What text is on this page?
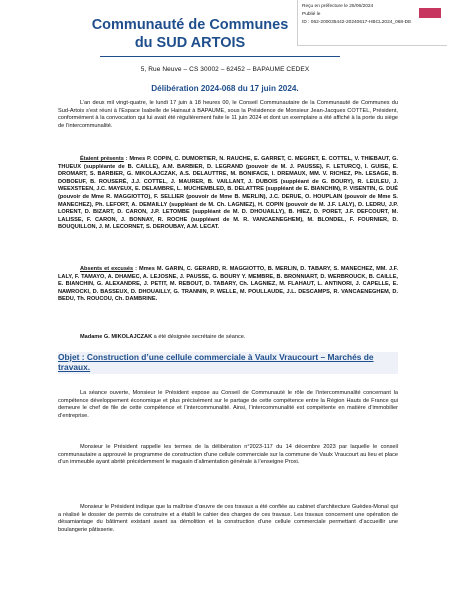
Reçu en préfecture le 25/06/2024
Publié le
ID : 062-200035442-20240617-HBCL2024_068-DE
Communauté de Communes
du SUD ARTOIS
5, Rue Neuve – CS 30002 – 62452 – BAPAUME CEDEX
Délibération 2024-068 du 17 juin 2024.
L’an deux mil vingt-quatre, le lundi 17 juin à 18 heures 00, le Conseil Communautaire de la Communauté de Communes du Sud-Artois s’est réuni à l’Espace Isabelle de Hainaut à BAPAUME, sous la Présidence de Monsieur Jean-Jacques COTTEL, Président, conformément à la convocation qui lui avait été régulièrement faite le 11 juin 2024 et dont un exemplaire a été affiché à la porte du siège de l’intercommunalité.
Étaient présents : Mmes P. COPIN, C. DUMORTIER, N. RAUCHE, E. GARRET, C. MEGRET, E. COTTEL, V. THIEBAUT, G. THUEUX (suppléante de B. CAILLE), A.M. BARBIER, D. LEGRAND (pouvoir de M. J. PAUSSE), F. LETURCQ, I. GUISE, E. DROMART, S. BARBIER, G. MIKOLAJCZAK, A.S. DELAUTTRE, M. BONIFACE, I. DREMAUX, MM. V. RICHEZ, Ph. LESAGE, B. DOBOEUF, B. ROUSERÉ, J.J. COTTEL, J. MAURER, B. VAILLANT, J. DUBOIS (suppléant de G. BOURY), R. LEULEU, J. WEEXSTEEN, J.C. MAYEUX, E. DELAMBRE, L. MUCHEMBLED, B. DELATTRE (suppléant de E. BIANCHIN), P. VISENTIN, G. DUÉ (pouvoir de Mme R. MAGGIOTTO), F. SELLIER (pouvoir de Mme B. MERLIN), J.C. DERUE, O. HOUPLAIN (pouvoir de Mme S. MANECHEZ), Ph. LEFORT, A. DEMAILLY (suppléant de M. Ch. LAGNIEZ), H. COPIN (pouvoir de M. J.F. LALY), D. LEDRU, J.P. LORENT, D. BIZART, D. CARON, J.P. LETOMBE (suppléant de M. D. DHOUAILLY), B. HIEZ, D. PORET, J.F. DEFCOURT, M. LALISSE, F. CARON, J. BONNAY, R. ROCHE (suppléant de M. R. VANCAENEGHEM), M. BLONDEL, F. FOURNIER, D. BOUQUILLON, J. M. LECORNET, S. DEROUBAY, A.M. LECAT.
Absents et excusés : Mmes M. GARIN, C. GERARD, R. MAGGIOTTO, B. MERLIN, D. TABARY, S. MANECHEZ, MM. J.F. LALY, F. TAMAYO, A. DHAMEC, A. LEJOSNE, J. PAUSSE, G. BOURY Y. MEMBRE, B. BRONNIART, D. WERBROUCK, B. CAILLE, E. BIANCHIN, G. ALEXANDRE, J. PETIT, M. REBOUT, D. TABARY, Ch. LAGNIEZ, M. FLAHAUT, L. ANTINORI, J. CAPELLE, E. NAWROCKI, D. BASSEUX, D. DHOUAILLY, G. TRANNIN, P. WELLE, M. POULLAUDE, J.L. DESCAMPS, R. VANCAENEGHEM, D. BEDU, Th. ROUCOU, Ch. DAMBRINE.
Madame G. MIKOLAJCZAK a été désignée secrétaire de séance.
Objet : Construction d’une cellule commerciale à Vaulx Vraucourt – Marchés de travaux.
La séance ouverte, Monsieur le Président expose au Conseil de Communauté le rôle de l’intercommunalité concernant la compétence développement économique et plus précisément sur le partage de cette compétence entre la Région Hauts de France qui demeure le chef de file de cette compétence et l’intercommunalité. Ainsi, l’intercommunalité est compétente en matière d’immobilier d’entreprise.
Monsieur le Président rappelle les termes de la délibération n°2023-117 du 14 décembre 2023 par laquelle le conseil communautaire a approuvé le programme de construction d’une cellule commerciale sur la commune de Vaulx Vraucourt au lieu et place d’un immeuble ayant abrité précédemment le magasin d’alimentation générale à l’enseigne Proxi.
Monsieur le Président indique que la maîtrise d’œuvre de ces travaux a été confiée au cabinet d’architecture Guèdes-Monaï qui a réalisé le dossier de permis de construire et a établi le cahier des charges de ces travaux. Les travaux concernent une opération de désamiantage du bâtiment existant avant sa démolition et la construction d’une cellule commerciale permettant d’accueillir une boulangerie pâtisserie.
